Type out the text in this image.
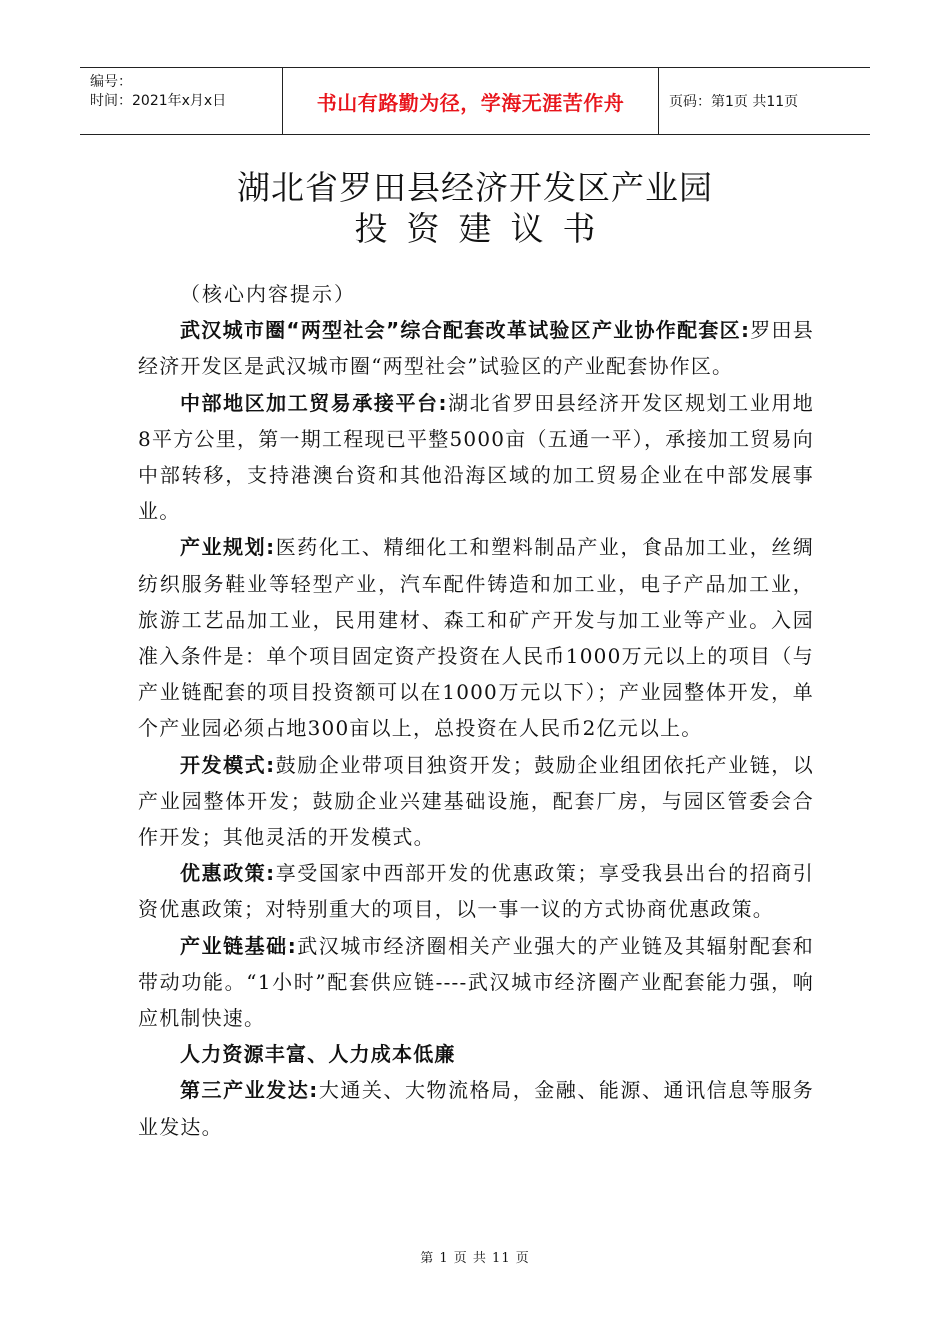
编号：
时间：2021年x月x日	书山有路勤为径，学海无涯苦作舟	页码：第1页 共11页
湖北省罗田县经济开发区产业园
投资建议书

（核心内容提示）

武汉城市圈“两型社会”综合配套改革试验区产业协作配套区:罗田县经济开发区是武汉城市圈“两型社会”试验区的产业配套协作区。

中部地区加工贸易承接平台:湖北省罗田县经济开发区规划工业用地8平方公里，第一期工程现已平整5000亩（五通一平），承接加工贸易向中部转移，支持港澳台资和其他沿海区域的加工贸易企业在中部发展事业。

产业规划:医药化工、精细化工和塑料制品产业，食品加工业，丝绸纺织服务鞋业等轻型产业，汽车配件铸造和加工业，电子产品加工业，旅游工艺品加工业，民用建材、森工和矿产开发与加工业等产业。入园准入条件是：单个项目固定资产投资在人民币1000万元以上的项目（与产业链配套的项目投资额可以在1000万元以下）；产业园整体开发，单个产业园必须占地300亩以上，总投资在人民币2亿元以上。

开发模式:鼓励企业带项目独资开发；鼓励企业组团依托产业链，以产业园整体开发；鼓励企业兴建基础设施，配套厂房，与园区管委会合作开发；其他灵活的开发模式。

优惠政策:享受国家中西部开发的优惠政策；享受我县出台的招商引资优惠政策；对特别重大的项目，以一事一议的方式协商优惠政策。

产业链基础:武汉城市经济圈相关产业强大的产业链及其辐射配套和带动功能。“1小时”配套供应链----武汉城市经济圈产业配套能力强，响应机制快速。

人力资源丰富、人力成本低廉

第三产业发达:大通关、大物流格局，金融、能源、通讯信息等服务业发达。

第 1 页 共 11 页
